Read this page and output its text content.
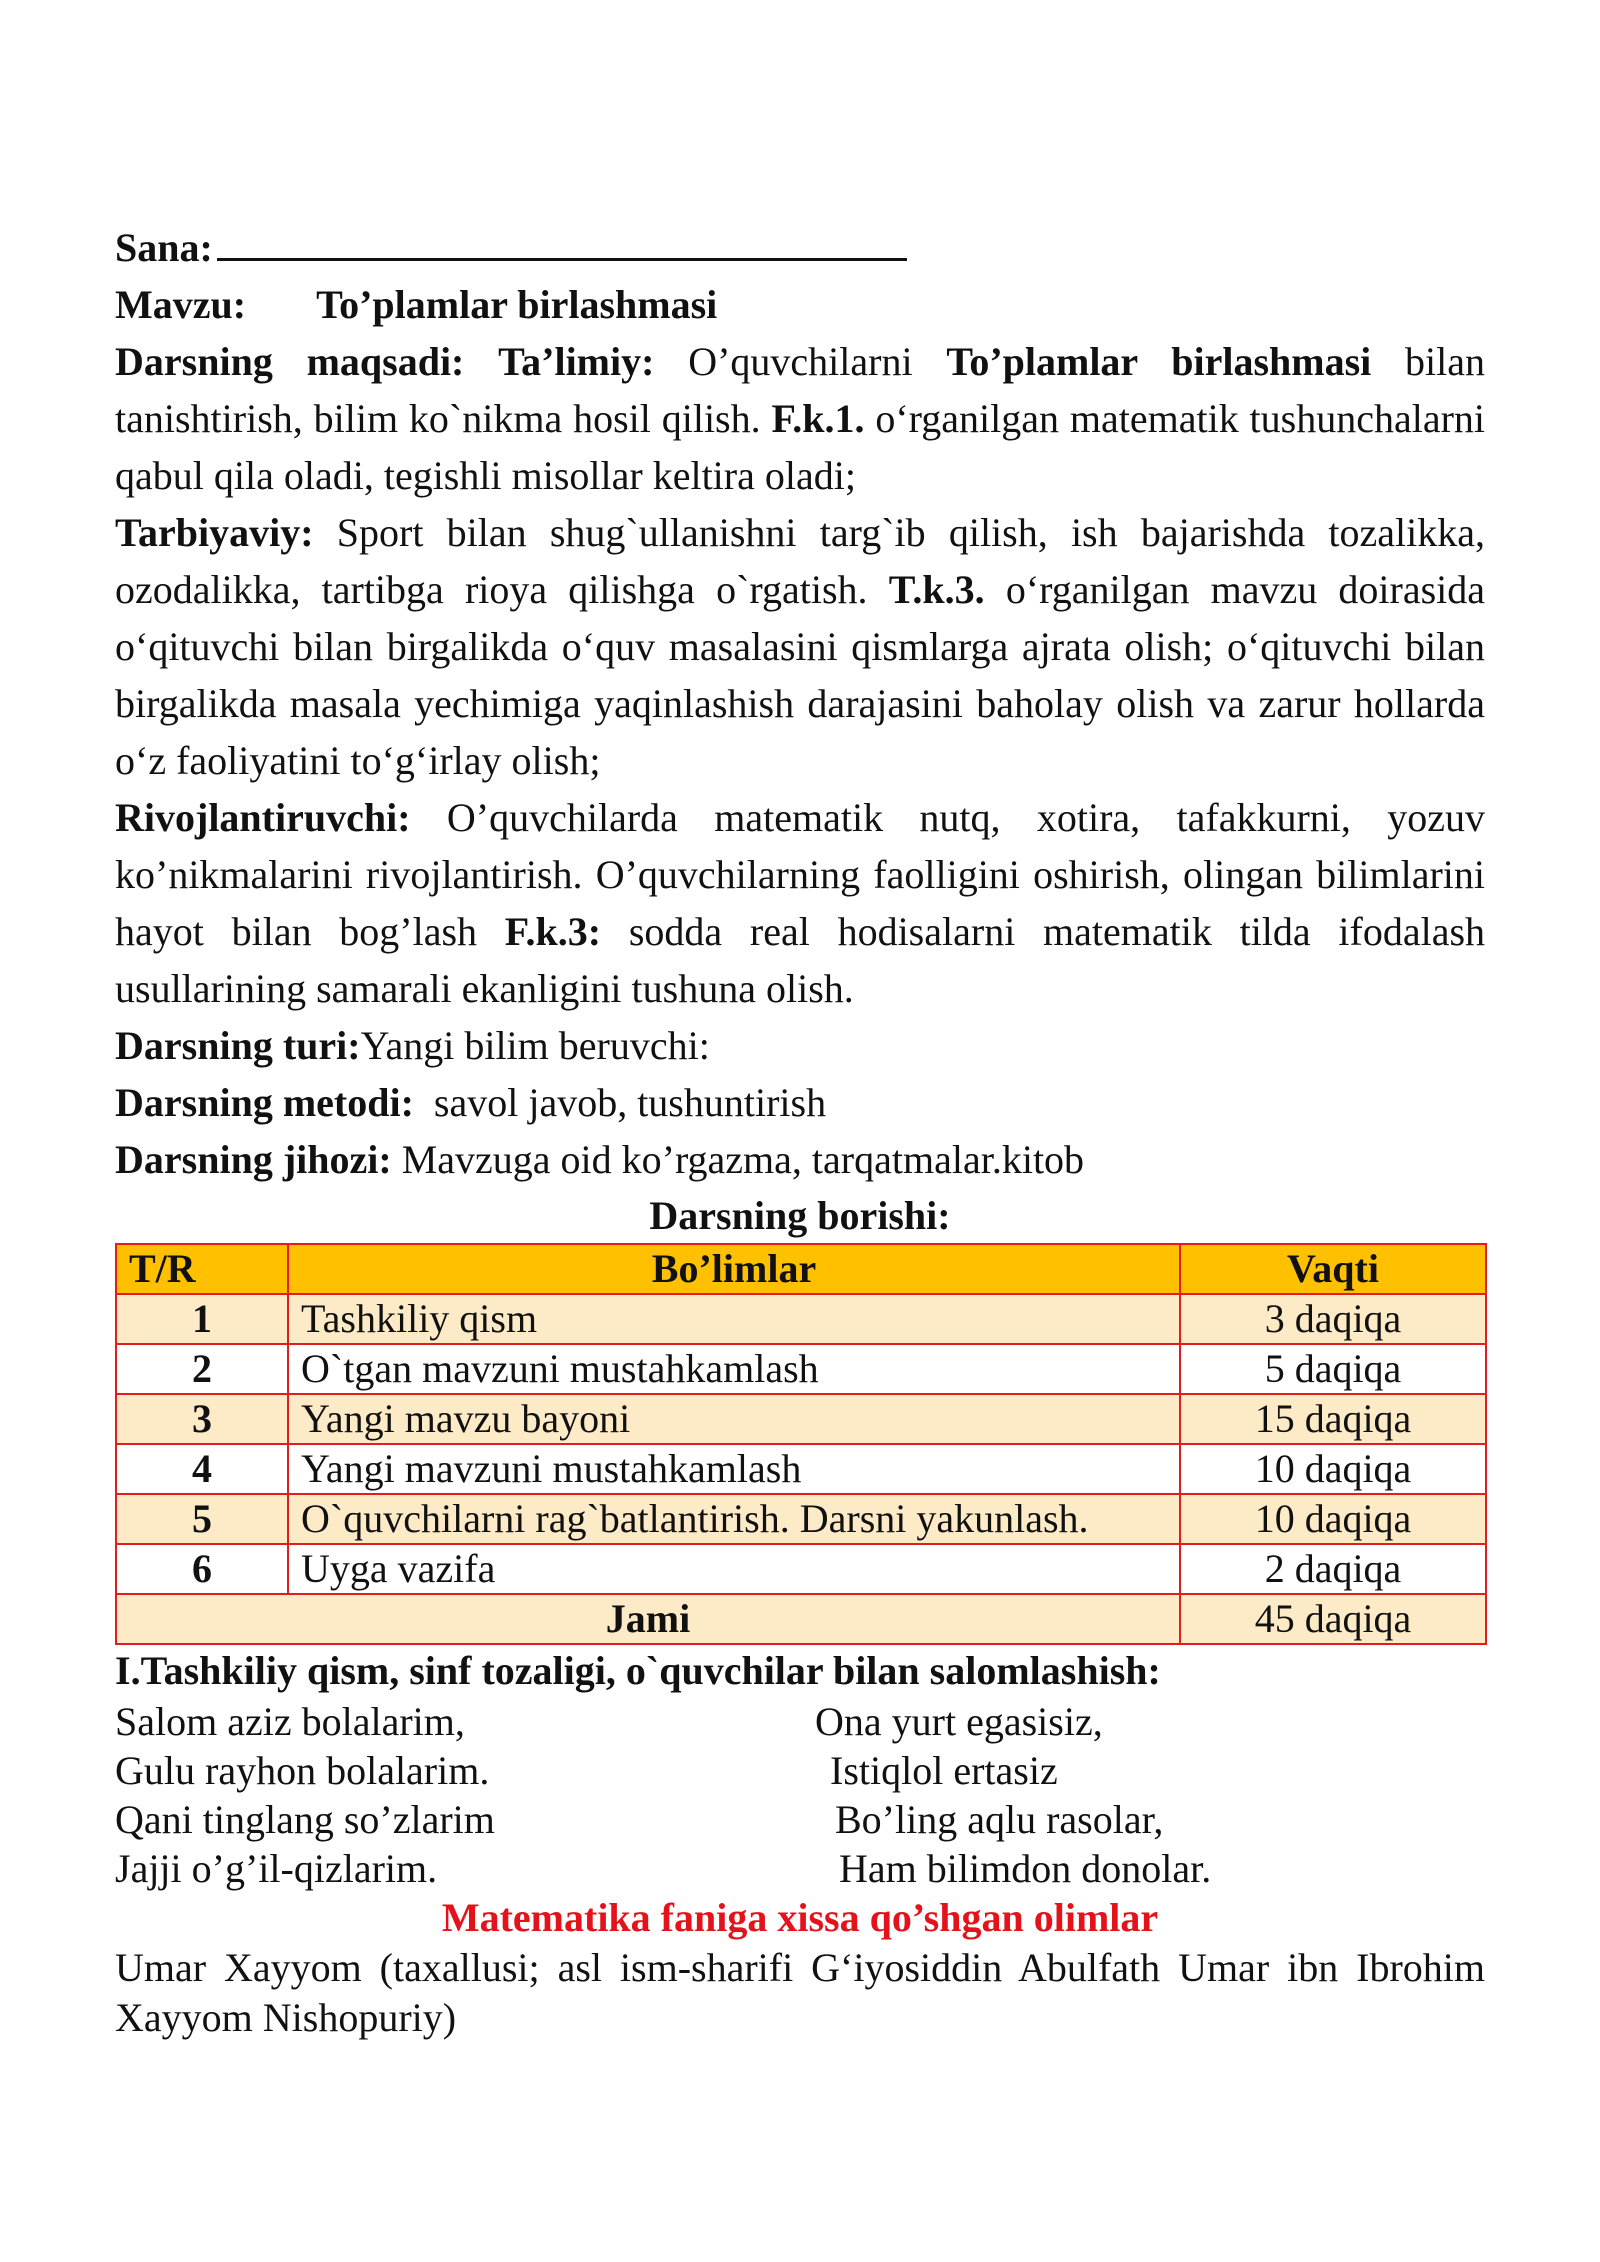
Sana:
Mavzu: To’plamlar birlashmasi
Darsning maqsadi: Ta’limiy: O’quvchilarni To’plamlar birlashmasi bilan tanishtirish, bilim ko`nikma hosil qilish. F.k.1. o‘rganilgan matematik tushunchalarni qabul qila oladi, tegishli misollar keltira oladi;
Tarbiyaviy: Sport bilan shug`ullanishni targ`ib qilish, ish bajarishda tozalikka, ozodalikka, tartibga rioya qilishga o`rgatish. T.k.3. o‘rganilgan mavzu doirasida o‘qituvchi bilan birgalikda o‘quv masalasini qismlarga ajrata olish; o‘qituvchi bilan birgalikda masala yechimiga yaqinlashish darajasini baholay olish va zarur hollarda o‘z faoliyatini to‘g‘irlay olish;
Rivojlantiruvchi: O’quvchilarda matematik nutq, xotira, tafakkurni, yozuv ko’nikmalarini rivojlantirish. O’quvchilarning faolligini oshirish, olingan bilimlarini hayot bilan bog’lash F.k.3: sodda real hodisalarni matematik tilda ifodalash usullarining samarali ekanligini tushuna olish.
Darsning turi:Yangi bilim beruvchi:
Darsning metodi: savol javob, tushuntirish
Darsning jihozi: Mavzuga oid ko’rgazma, tarqatmalar.kitob
Darsning borishi:
T/R	Bo’limlar	Vaqti
1	Tashkiliy qism	3 daqiqa
2	O`tgan mavzuni mustahkamlash	5 daqiqa
3	Yangi mavzu bayoni	15 daqiqa
4	Yangi mavzuni mustahkamlash	10 daqiqa
5	O`quvchilarni rag`batlantirish. Darsni yakunlash.	10 daqiqa
6	Uyga vazifa	2 daqiqa
Jami		45 daqiqa
I.Tashkiliy qism, sinf tozaligi, o`quvchilar bilan salomlashish:
Salom aziz bolalarim,
Gulu rayhon bolalarim.
Qani tinglang so’zlarim
Jajji o’g’il-qizlarim.
Ona yurt egasisiz,
Istiqlol ertasiz
Bo’ling aqlu rasolar,
Ham bilimdon donolar.
Matematika faniga xissa qo’shgan olimlar
Umar Xayyom (taxallusi; asl ism-sharifi G‘iyosiddin Abulfath Umar ibn Ibrohim Xayyom Nishopuriy)
